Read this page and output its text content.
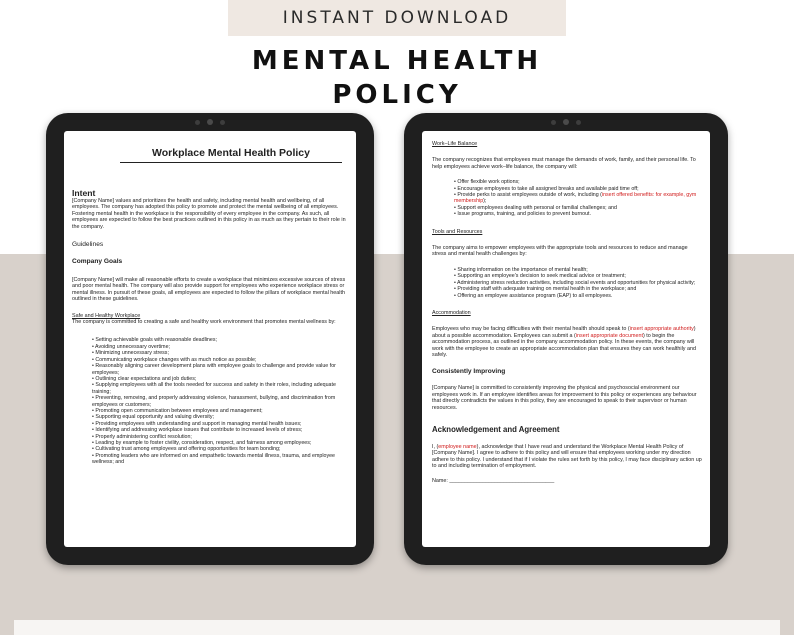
INSTANT DOWNLOAD
MENTAL HEALTH
POLICY
Workplace Mental Health Policy
Intent
[Company Name] values and prioritizes the health and safety, including mental health and wellbeing, of all employees. The company has adopted this policy to promote and protect the mental wellbeing of all employees. Fostering mental health in the workplace is the responsibility of every employee in the company. As such, all employees are expected to follow the best practices outlined in this policy in as much as they pertain to their role in the company.
Guidelines
Company Goals
[Company Name] will make all reasonable efforts to create a workplace that minimizes excessive sources of stress and poor mental health. The company will also provide support for employees who experience workplace stress or mental illness. In pursuit of these goals, all employees are expected to follow the pillars of workplace mental health outlined in these guidelines.
Safe and Healthy Workplace
The company is committed to creating a safe and healthy work environment that promotes mental wellness by:
• Setting achievable goals with reasonable deadlines;
• Avoiding unnecessary overtime;
• Minimizing unnecessary stress;
• Communicating workplace changes with as much notice as possible;
• Reasonably aligning career development plans with employee goals to challenge and provide value for employees;
• Outlining clear expectations and job duties;
• Supplying employees with all the tools needed for success and safety in their roles, including adequate training;
• Preventing, removing, and properly addressing violence, harassment, bullying, and discrimination from employees or customers;
• Promoting open communication between employees and management;
• Supporting equal opportunity and valuing diversity;
• Providing employees with understanding and support in managing mental health issues;
• Identifying and addressing workplace issues that contribute to increased levels of stress;
• Properly administering conflict resolution;
• Leading by example to foster civility, consideration, respect, and fairness among employees;
• Cultivating trust among employees and offering opportunities for team bonding;
• Promoting leaders who are informed on and empathetic towards mental illness, trauma, and employee wellness; and
Work–Life Balance
The company recognizes that employees must manage the demands of work, family, and their personal life. To help employees achieve work–life balance, the company will:
• Offer flexible work options;
• Encourage employees to take all assigned breaks and available paid time off;
• Provide perks to assist employees outside of work, including (insert offered benefits: for example, gym membership);
• Support employees dealing with personal or familial challenges; and
• Issue programs, training, and policies to prevent burnout.
Tools and Resources
The company aims to empower employees with the appropriate tools and resources to reduce and manage stress and mental health challenges by:
• Sharing information on the importance of mental health;
• Supporting an employee's decision to seek medical advice or treatment;
• Administering stress reduction activities, including social events and opportunities for physical activity;
• Providing staff with adequate training on mental health in the workplace; and
• Offering an employee assistance program (EAP) to all employees.
Accommodation
Employees who may be facing difficulties with their mental health should speak to (insert appropriate authority) about a possible accommodation. Employees can submit a (insert appropriate document) to begin the accommodation process, as outlined in the company accommodation policy. In these events, the company will work with the employee to create an appropriate accommodation plan that ensures they can work healthily and safely.
Consistently Improving
[Company Name] is committed to consistently improving the physical and psychosocial environment our employees work in. If an employee identifies areas for improvement to this policy or experiences any behaviour that directly contradicts the values in this policy, they are encouraged to speak to their supervisor or human resources.
Acknowledgement and Agreement
I, (employee name), acknowledge that I have read and understand the Workplace Mental Health Policy of [Company Name]. I agree to adhere to this policy and will ensure that employees working under my direction adhere to this policy. I understand that if I violate the rules set forth by this policy, I may face disciplinary action up to and including termination of employment.
Name: ___________________________________
